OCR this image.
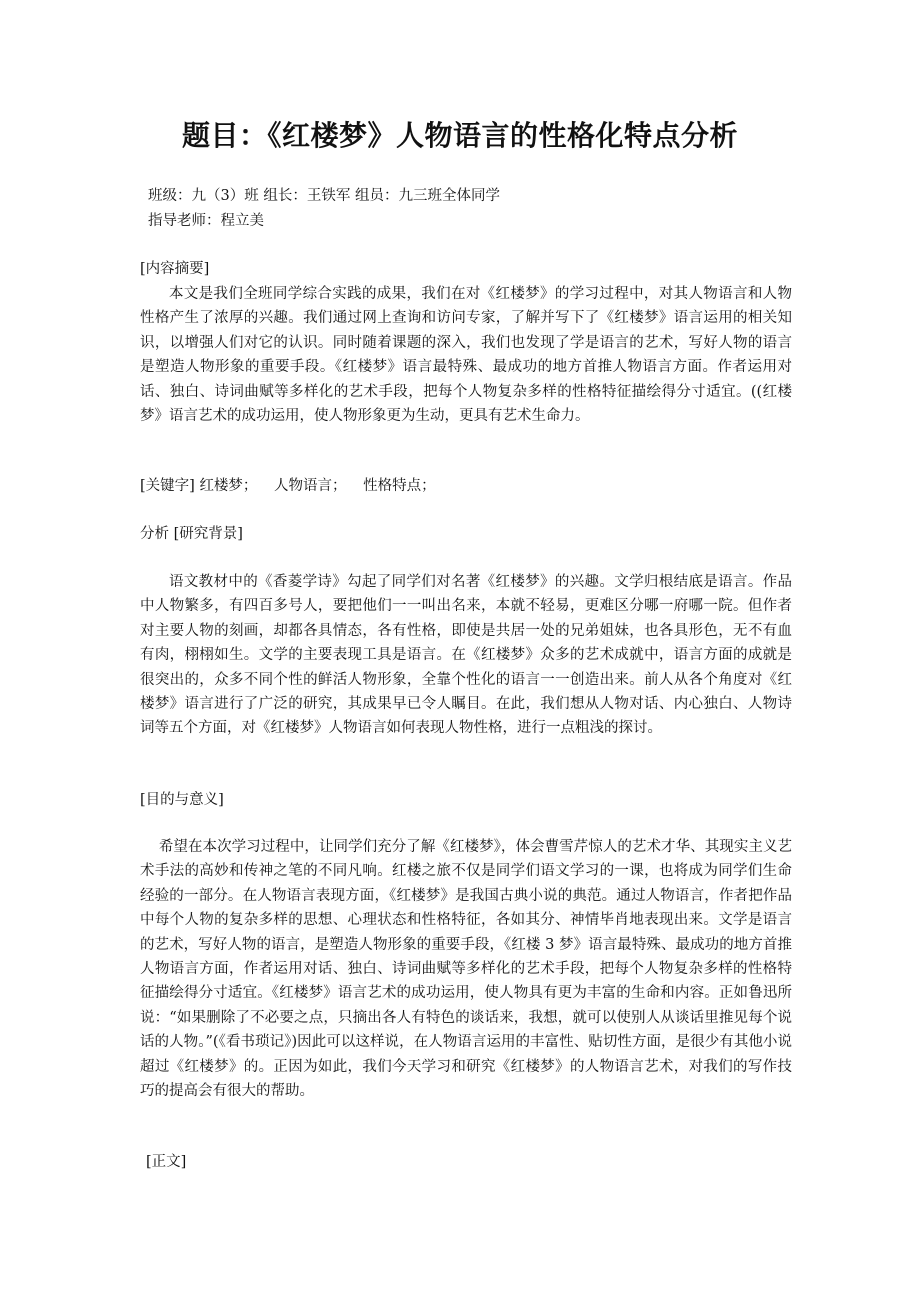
题目：《红楼梦》人物语言的性格化特点分析
班级：九（3）班 组长：王铁军 组员：九三班全体同学
指导老师：程立美
[内容摘要]
本文是我们全班同学综合实践的成果，我们在对《红楼梦》的学习过程中，对其人物语言和人物性格产生了浓厚的兴趣。我们通过网上查询和访问专家，了解并写下了《红楼梦》语言运用的相关知识，以增强人们对它的认识。同时随着课题的深入，我们也发现了学是语言的艺术，写好人物的语言是塑造人物形象的重要手段。《红楼梦》语言最特殊、最成功的地方首推人物语言方面。作者运用对话、独白、诗词曲赋等多样化的艺术手段，把每个人物复杂多样的性格特征描绘得分寸适宜。((红楼梦》语言艺术的成功运用，使人物形象更为生动，更具有艺术生命力。
[关键字] 红楼梦； 人物语言； 性格特点；
分析 [研究背景]
语文教材中的《香菱学诗》勾起了同学们对名著《红楼梦》的兴趣。文学归根结底是语言。作品中人物繁多，有四百多号人，要把他们一一叫出名来，本就不轻易，更难区分哪一府哪一院。但作者对主要人物的刻画，却都各具情态，各有性格，即使是共居一处的兄弟姐妹，也各具形色，无不有血有肉，栩栩如生。文学的主要表现工具是语言。在《红楼梦》众多的艺术成就中，语言方面的成就是很突出的，众多不同个性的鲜活人物形象，全靠个性化的语言一一创造出来。前人从各个角度对《红楼梦》语言进行了广泛的研究，其成果早已令人瞩目。在此，我们想从人物对话、内心独白、人物诗词等五个方面，对《红楼梦》人物语言如何表现人物性格，进行一点粗浅的探讨。
[目的与意义]
希望在本次学习过程中，让同学们充分了解《红楼梦》，体会曹雪芹惊人的艺术才华、其现实主义艺术手法的高妙和传神之笔的不同凡响。红楼之旅不仅是同学们语文学习的一课，也将成为同学们生命经验的一部分。在人物语言表现方面，《红楼梦》是我国古典小说的典范。通过人物语言，作者把作品中每个人物的复杂多样的思想、心理状态和性格特征，各如其分、神情毕肖地表现出来。文学是语言的艺术，写好人物的语言，是塑造人物形象的重要手段，《红楼 3 梦》语言最特殊、最成功的地方首推人物语言方面，作者运用对话、独白、诗词曲赋等多样化的艺术手段，把每个人物复杂多样的性格特征描绘得分寸适宜。《红楼梦》语言艺术的成功运用，使人物具有更为丰富的生命和内容。正如鲁迅所说：“如果删除了不必要之点，只摘出各人有特色的谈话来，我想，就可以使别人从谈话里推见每个说话的人物。”(《看书琐记》)因此可以这样说，在人物语言运用的丰富性、贴切性方面，是很少有其他小说超过《红楼梦》的。正因为如此，我们今天学习和研究《红楼梦》的人物语言艺术，对我们的写作技巧的提高会有很大的帮助。
[正文]
